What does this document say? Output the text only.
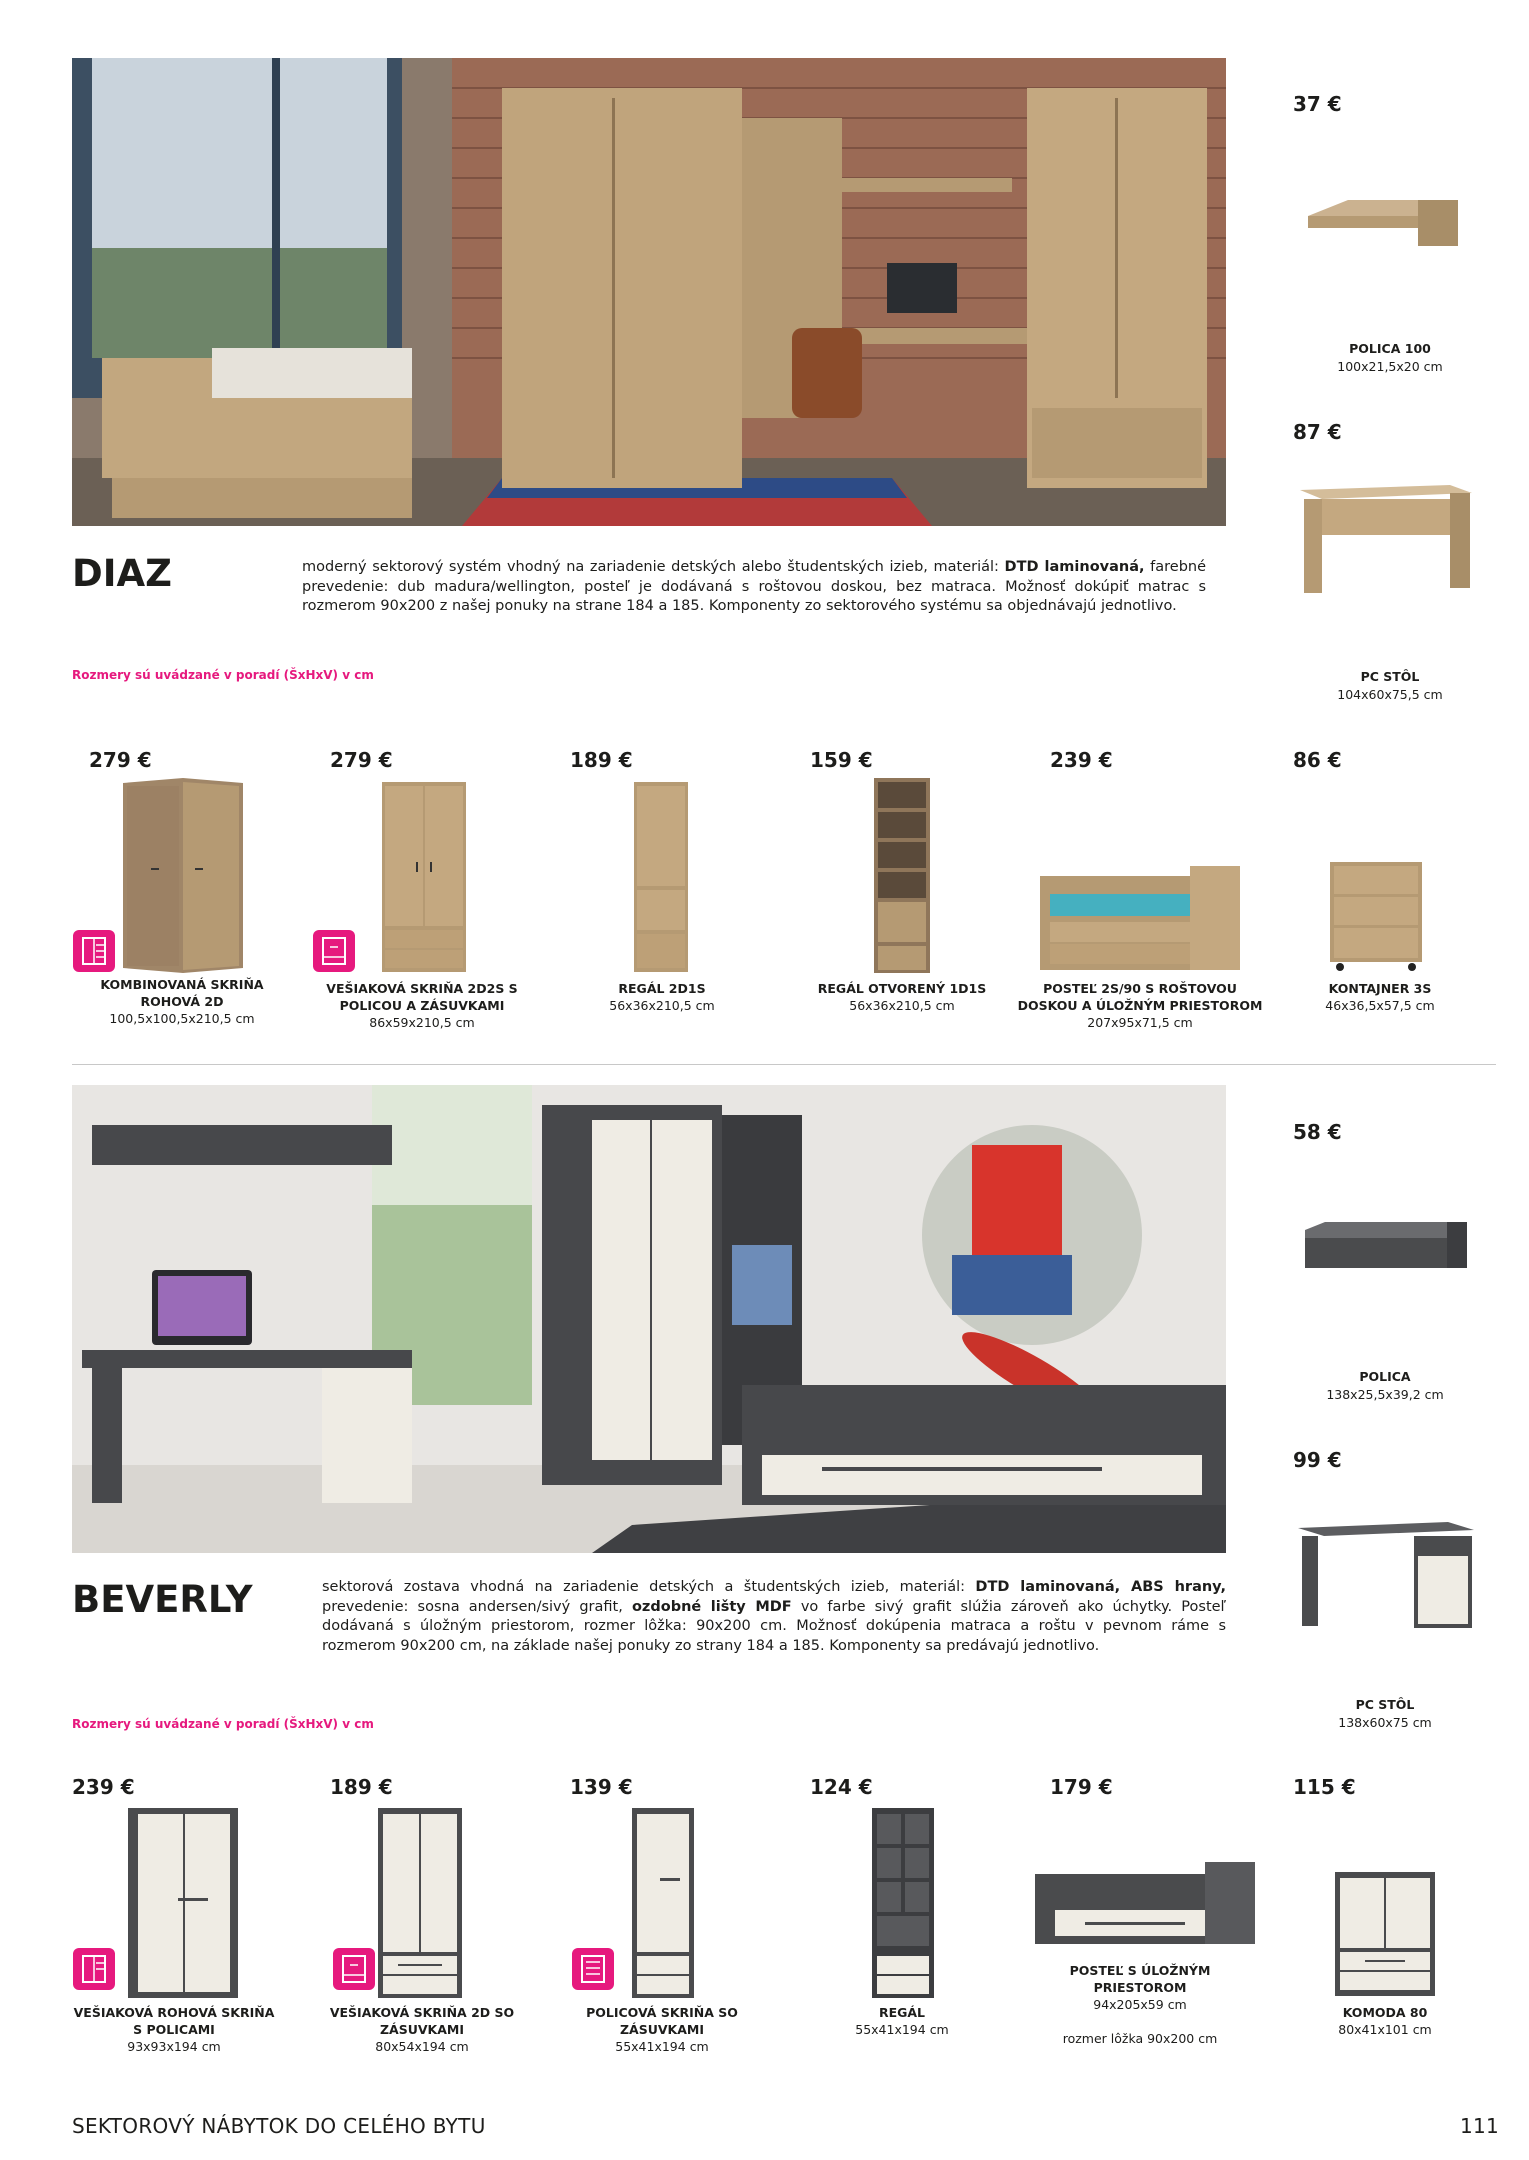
DIAZ	moderný sektorový systém vhodný na zariadenie detských alebo študentských izieb, materiál: DTD laminovaná, farebné prevedenie: dub madura/wellington, posteľ je dodávaná s roštovou doskou, bez matraca. Možnosť dokúpiť matrac s rozmerom 90x200 z našej ponuky na strane 184 a 185. Komponenty zo sektorového systému sa objednávajú jednotlivo.
Rozmery sú uvádzané v poradí (ŠxHxV) v cm
37 €
POLICA 100
100x21,5x20 cm
87 €
PC STÔL
104x60x75,5 cm
279 €
KOMBINOVANÁ SKRIŇA
ROHOVÁ 2D
100,5x100,5x210,5 cm
279 €
VEŠIAKOVÁ SKRIŇA 2D2S S
POLICOU A ZÁSUVKAMI
86x59x210,5 cm
189 €
REGÁL 2D1S
56x36x210,5 cm
159 €
REGÁL OTVORENÝ 1D1S
56x36x210,5 cm
239 €
POSTEĽ 2S/90 S ROŠTOVOU
DOSKOU A ÚLOŽNÝM PRIESTOROM
207x95x71,5 cm
86 €
KONTAJNER 3S
46x36,5x57,5 cm
BEVERLY	sektorová zostava vhodná na zariadenie detských a študentských izieb, materiál: DTD laminovaná, ABS hrany, prevedenie: sosna andersen/sivý grafit, ozdobné lišty MDF vo farbe sivý grafit slúžia zároveň ako úchytky. Posteľ dodávaná s úložným priestorom, rozmer lôžka: 90x200 cm. Možnosť dokúpenia matraca a roštu v pevnom ráme s rozmerom 90x200 cm, na základe našej ponuky zo strany 184 a 185. Komponenty sa predávajú jednotlivo.
Rozmery sú uvádzané v poradí (ŠxHxV) v cm
58 €
POLICA
138x25,5x39,2 cm
99 €
PC STÔL
138x60x75 cm
239 €
VEŠIAKOVÁ ROHOVÁ SKRIŇA
S POLICAMI
93x93x194 cm
189 €
VEŠIAKOVÁ SKRIŇA 2D SO
ZÁSUVKAMI
80x54x194 cm
139 €
POLICOVÁ SKRIŇA SO
ZÁSUVKAMI
55x41x194 cm
124 €
REGÁL
55x41x194 cm
179 €
POSTEĽ S ÚLOŽNÝM
PRIESTOROM
94x205x59 cm
rozmer lôžka 90x200 cm
115 €
KOMODA 80
80x41x101 cm
SEKTOROVÝ NÁBYTOK DO CELÉHO BYTU	111
